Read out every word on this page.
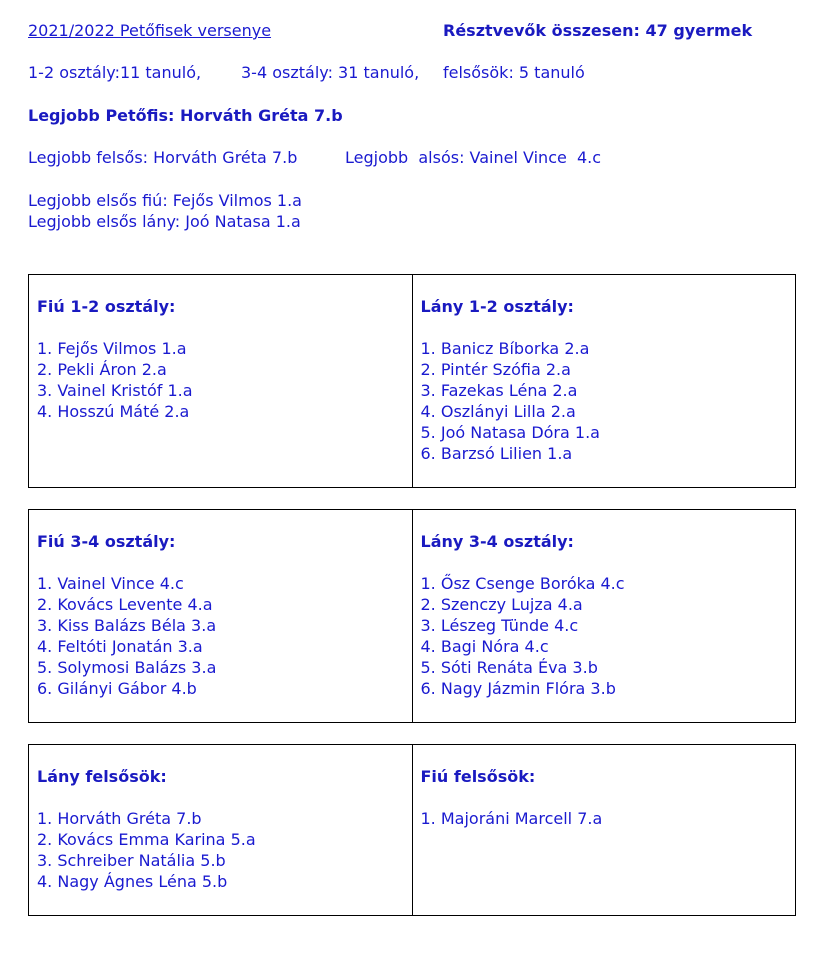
2021/2022 Petőfisek versenye	Résztvevők összesen: 47 gyermek
1-2 osztály:11 tanuló, 3-4 osztály: 31 tanuló, felsősök: 5 tanuló
Legjobb Petőfis: Horváth Gréta 7.b
Legjobb felsős: Horváth Gréta 7.b	Legjobb  alsós: Vainel Vince  4.c
Legjobb elsős fiú: Fejős Vilmos 1.a
Legjobb elsős lány: Joó Natasa 1.a
Fiú 1-2 osztály:
1. Fejős Vilmos 1.a
2. Pekli Áron 2.a
3. Vainel Kristóf 1.a
4. Hosszú Máté 2.a
Lány 1-2 osztály:
1. Banicz Bíborka 2.a
2. Pintér Szófia 2.a
3. Fazekas Léna 2.a
4. Oszlányi Lilla 2.a
5. Joó Natasa Dóra 1.a
6. Barzsó Lilien 1.a
Fiú 3-4 osztály:
1. Vainel Vince 4.c
2. Kovács Levente 4.a
3. Kiss Balázs Béla 3.a
4. Feltóti Jonatán 3.a
5. Solymosi Balázs 3.a
6. Gilányi Gábor 4.b
Lány 3-4 osztály:
1. Ősz Csenge Boróka 4.c
2. Szenczy Lujza 4.a
3. Lészeg Tünde 4.c
4. Bagi Nóra 4.c
5. Sóti Renáta Éva 3.b
6. Nagy Jázmin Flóra 3.b
Lány felsősök:
1. Horváth Gréta 7.b
2. Kovács Emma Karina 5.a
3. Schreiber Natália 5.b
4. Nagy Ágnes Léna 5.b
Fiú felsősök:
1. Majoráni Marcell 7.a
